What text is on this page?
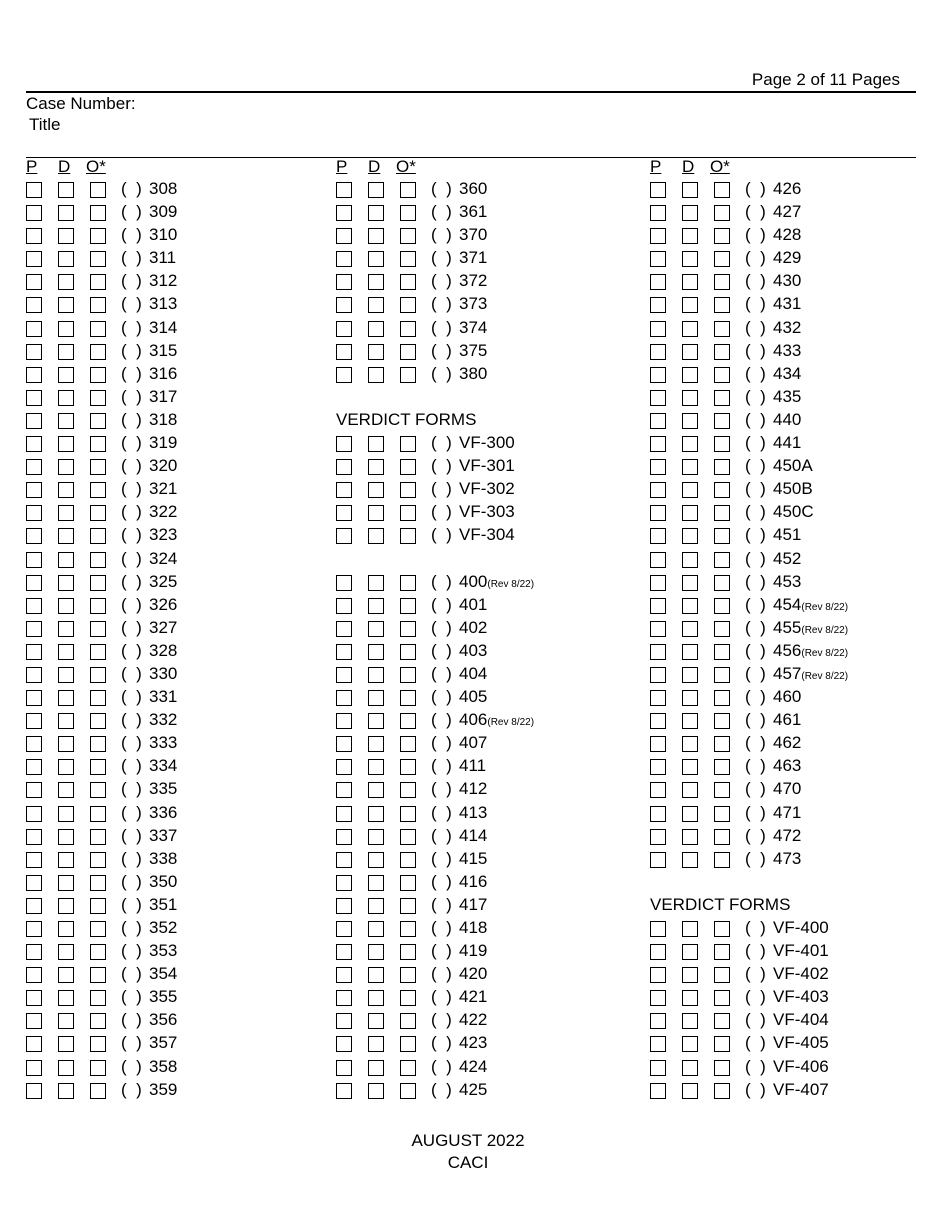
Page 2 of 11 Pages
Case Number:
Title
P D O*
(  ) 308
(  ) 309
(  ) 310
(  ) 311
(  ) 312
(  ) 313
(  ) 314
(  ) 315
(  ) 316
(  ) 317
(  ) 318
(  ) 319
(  ) 320
(  ) 321
(  ) 322
(  ) 323
(  ) 324
(  ) 325
(  ) 326
(  ) 327
(  ) 328
(  ) 330
(  ) 331
(  ) 332
(  ) 333
(  ) 334
(  ) 335
(  ) 336
(  ) 337
(  ) 338
(  ) 350
(  ) 351
(  ) 352
(  ) 353
(  ) 354
(  ) 355
(  ) 356
(  ) 357
(  ) 358
(  ) 359
P D O*
(  ) 360
(  ) 361
(  ) 370
(  ) 371
(  ) 372
(  ) 373
(  ) 374
(  ) 375
(  ) 380
VERDICT FORMS
(  ) VF-300
(  ) VF-301
(  ) VF-302
(  ) VF-303
(  ) VF-304
(  ) 400(Rev 8/22)
(  ) 401
(  ) 402
(  ) 403
(  ) 404
(  ) 405
(  ) 406(Rev 8/22)
(  ) 407
(  ) 411
(  ) 412
(  ) 413
(  ) 414
(  ) 415
(  ) 416
(  ) 417
(  ) 418
(  ) 419
(  ) 420
(  ) 421
(  ) 422
(  ) 423
(  ) 424
(  ) 425
P D O*
(  ) 426
(  ) 427
(  ) 428
(  ) 429
(  ) 430
(  ) 431
(  ) 432
(  ) 433
(  ) 434
(  ) 435
(  ) 440
(  ) 441
(  ) 450A
(  ) 450B
(  ) 450C
(  ) 451
(  ) 452
(  ) 453
(  ) 454(Rev 8/22)
(  ) 455(Rev 8/22)
(  ) 456(Rev 8/22)
(  ) 457(Rev 8/22)
(  ) 460
(  ) 461
(  ) 462
(  ) 463
(  ) 470
(  ) 471
(  ) 472
(  ) 473
VERDICT FORMS
(  ) VF-400
(  ) VF-401
(  ) VF-402
(  ) VF-403
(  ) VF-404
(  ) VF-405
(  ) VF-406
(  ) VF-407
AUGUST 2022
CACI
